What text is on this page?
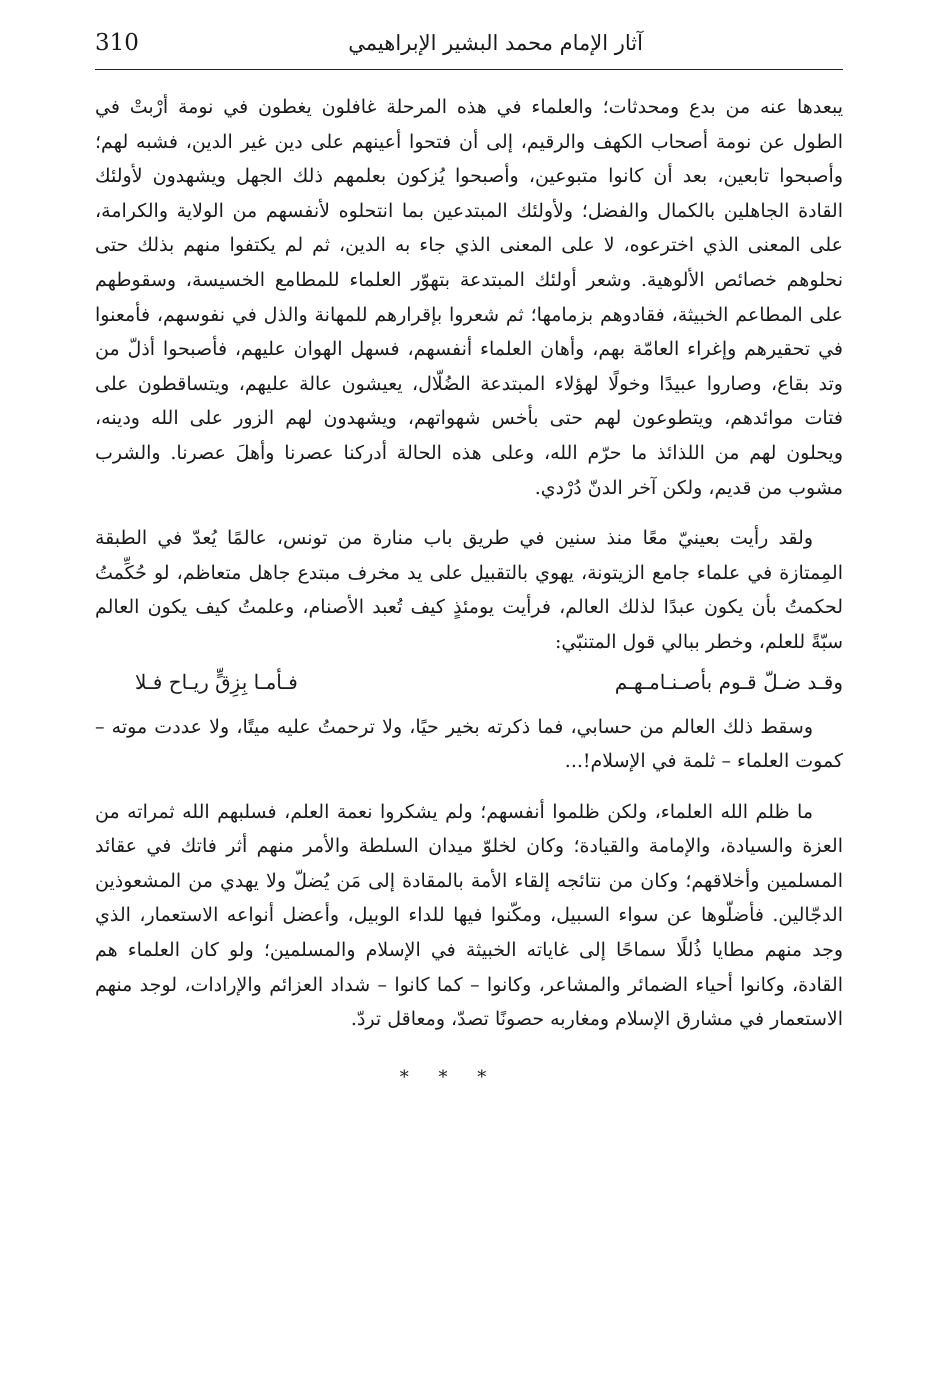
آثار الإمام محمد البشير الإبراهيمي
310

يبعدها عنه من بدع ومحدثات؛ والعلماء في هذه المرحلة غافلون يغطون في نومة أرْبتْ في الطول عن نومة أصحاب الكهف والرقيم، إلى أن فتحوا أعينهم على دين غير الدين، فشبه لهم؛ وأصبحوا تابعين، بعد أن كانوا متبوعين، وأصبحوا يُزكون بعلمهم ذلك الجهل ويشهدون لأولئك القادة الجاهلين بالكمال والفضل؛ ولأولئك المبتدعين بما انتحلوه لأنفسهم من الولاية والكرامة، على المعنى الذي اخترعوه، لا على المعنى الذي جاء به الدين، ثم لم يكتفوا منهم بذلك حتى نحلوهم خصائص الألوهية. وشعر أولئك المبتدعة بتهوّر العلماء للمطامع الخسيسة، وسقوطهم على المطاعم الخبيثة، فقادوهم بزمامها؛ ثم شعروا بإقرارهم للمهانة والذل في نفوسهم، فأمعنوا في تحقيرهم وإغراء العامّة بهم، وأهان العلماء أنفسهم، فسهل الهوان عليهم، فأصبحوا أذلّ من وتد بقاع، وصاروا عبيدًا وخولًا لهؤلاء المبتدعة الضُلّال، يعيشون عالة عليهم، ويتساقطون على فتات موائدهم، ويتطوعون لهم حتى بأخس شهواتهم، ويشهدون لهم الزور على الله ودينه، ويحلون لهم من اللذائذ ما حرّم الله، وعلى هذه الحالة أدركنا عصرنا وأهلَ عصرنا. والشرب مشوب من قديم، ولكن آخر الدنّ دُرْدي.

ولقد رأيت بعينيّ معًا منذ سنين في طريق باب منارة من تونس، عالمًا يُعدّ في الطبقة المِمتازة في علماء جامع الزيتونة، يهوي بالتقبيل على يد مخرف مبتدع جاهل متعاظم، لو حُكِّمتُ لحكمتُ بأن يكون عبدًا لذلك العالم، فرأيت يومئذٍ كيف تُعبد الأصنام، وعلمتُ كيف يكون العالم سبّةً للعلم، وخطر ببالي قول المتنبّي:

وقـد ضـلّ قـوم بأصـنـامـهـم
فـأمـا بِزِقٍّ ريـاح فـلا

وسقط ذلك العالم من حسابي، فما ذكرته بخير حيًا، ولا ترحمتُ عليه ميتًا، ولا عددت موته – كموت العلماء – ثلمة في الإسلام!...

ما ظلم الله العلماء، ولكن ظلموا أنفسهم؛ ولم يشكروا نعمة العلم، فسلبهم الله ثمراته من العزة والسيادة، والإمامة والقيادة؛ وكان لخلوّ ميدان السلطة والأمر منهم أثر فاتك في عقائد المسلمين وأخلاقهم؛ وكان من نتائجه إلقاء الأمة بالمقادة إلى مَن يُضلّ ولا يهدي من المشعوذين الدجّالين. فأضلّوها عن سواء السبيل، ومكّنوا فيها للداء الوبيل، وأعضل أنواعه الاستعمار، الذي وجد منهم مطايا ذُللًا سماحًا إلى غاياته الخبيثة في الإسلام والمسلمين؛ ولو كان العلماء هم القادة، وكانوا أحياء الضمائر والمشاعر، وكانوا – كما كانوا – شداد العزائم والإرادات، لوجد منهم الاستعمار في مشارق الإسلام ومغاربه حصونًا تصدّ، ومعاقل تردّ.

* * *
